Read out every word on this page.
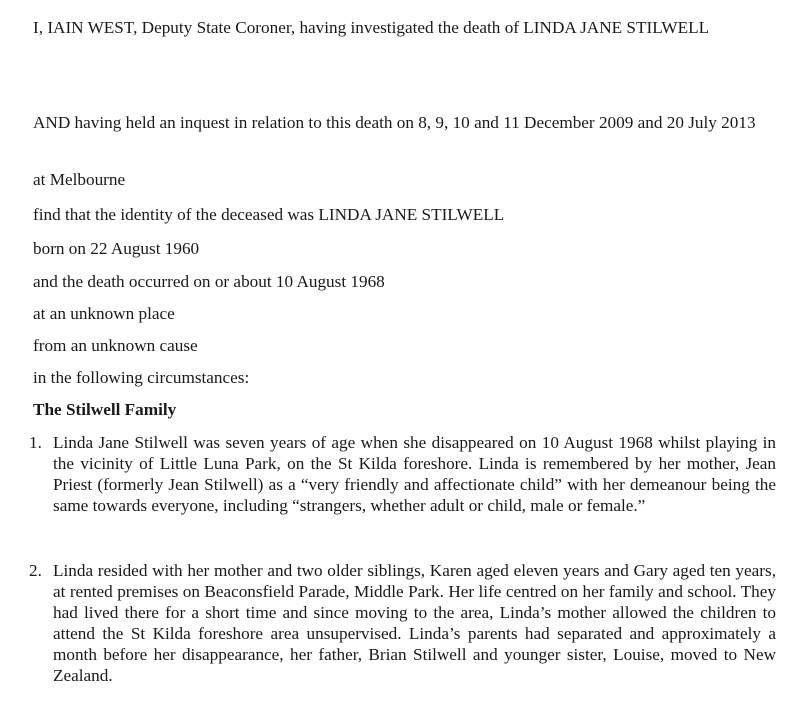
I, IAIN WEST, Deputy State Coroner, having investigated the death of LINDA JANE STILWELL

AND having held an inquest in relation to this death on 8, 9, 10 and 11 December 2009 and 20 July 2013

at Melbourne

find that the identity of the deceased was LINDA JANE STILWELL

born on 22 August 1960

and the death occurred on or about 10 August 1968

at an unknown place

from an unknown cause

in the following circumstances:

The Stilwell Family

1. Linda Jane Stilwell was seven years of age when she disappeared on 10 August 1968 whilst playing in the vicinity of Little Luna Park, on the St Kilda foreshore. Linda is remembered by her mother, Jean Priest (formerly Jean Stilwell) as a “very friendly and affectionate child” with her demeanour being the same towards everyone, including “strangers, whether adult or child, male or female.”

2. Linda resided with her mother and two older siblings, Karen aged eleven years and Gary aged ten years, at rented premises on Beaconsfield Parade, Middle Park. Her life centred on her family and school. They had lived there for a short time and since moving to the area, Linda’s mother allowed the children to attend the St Kilda foreshore area unsupervised. Linda’s parents had separated and approximately a month before her disappearance, her father, Brian Stilwell and younger sister, Louise, moved to New Zealand.
